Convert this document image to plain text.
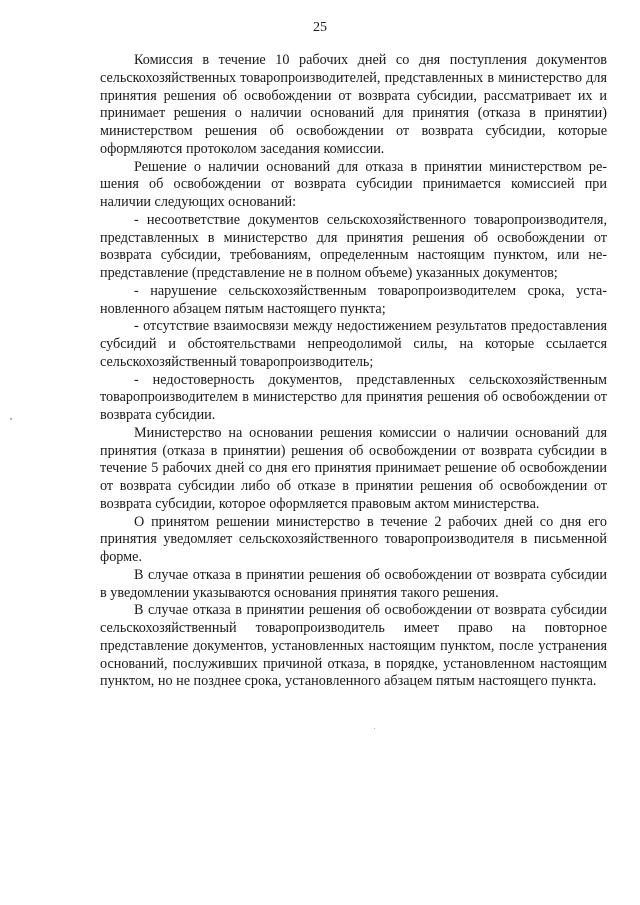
25

Комиссия в течение 10 рабочих дней со дня поступления документов сельскохозяйственных товаропроизводителей, представленных в министерство для принятия решения об освобождении от возврата субсидии, рассматривает их и принимает решения о наличии оснований для принятия (отказа в принятии) министерством решения об освобождении от возврата субсидии, которые оформляются протоколом заседания комиссии.

Решение о наличии оснований для отказа в принятии министерством решения об освобождении от возврата субсидии принимается комиссией при наличии следующих оснований:

- несоответствие документов сельскохозяйственного товаропроизводителя, представленных в министерство для принятия решения об освобождении от возврата субсидии, требованиям, определенным настоящим пунктом, или непредставление (представление не в полном объеме) указанных документов;

- нарушение сельскохозяйственным товаропроизводителем срока, установленного абзацем пятым настоящего пункта;

- отсутствие взаимосвязи между недостижением результатов предоставления субсидий и обстоятельствами непреодолимой силы, на которые ссылается сельскохозяйственный товаропроизводитель;

- недостоверность документов, представленных сельскохозяйственным товаропроизводителем в министерство для принятия решения об освобождении от возврата субсидии.

Министерство на основании решения комиссии о наличии оснований для принятия (отказа в принятии) решения об освобождении от возврата субсидии в течение 5 рабочих дней со дня его принятия принимает решение об освобождении от возврата субсидии либо об отказе в принятии решения об освобождении от возврата субсидии, которое оформляется правовым актом министерства.

О принятом решении министерство в течение 2 рабочих дней со дня его принятия уведомляет сельскохозяйственного товаропроизводителя в письменной форме.

В случае отказа в принятии решения об освобождении от возврата субсидии в уведомлении указываются основания принятия такого решения.

В случае отказа в принятии решения об освобождении от возврата субсидии сельскохозяйственный товаропроизводитель имеет право на повторное представление документов, установленных настоящим пунктом, после устранения оснований, послуживших причиной отказа, в порядке, установленном настоящим пунктом, но не позднее срока, установленного абзацем пятым настоящего пункта.
